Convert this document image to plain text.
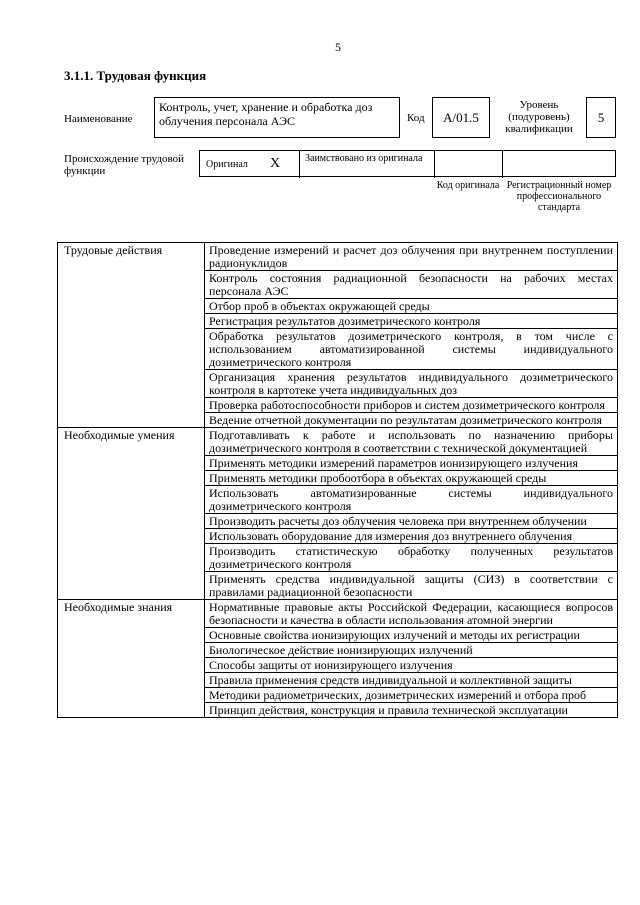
5
3.1.1. Трудовая функция
Наименование
Контроль, учет, хранение и обработка доз облучения персонала АЭС	Код	A/01.5
Уровень (подуровень) квалификации
5
Происхождение трудовой функции
Оригинал X Заимствовано из оригинала
Код оригинала Регистрационный номер профессионального стандарта
Трудовые действия	Проведение измерений и расчет доз облучения при внутреннем поступлении радионуклидов
	Контроль состояния радиационной безопасности на рабочих местах персонала АЭС
	Отбор проб в объектах окружающей среды
	Регистрация результатов дозиметрического контроля
	Обработка результатов дозиметрического контроля, в том числе с использованием автоматизированной системы индивидуального дозиметрического контроля
	Организация хранения результатов индивидуального дозиметрического контроля в картотеке учета индивидуальных доз
	Проверка работоспособности приборов и систем дозиметрического контроля
	Ведение отчетной документации по результатам дозиметрического контроля
Необходимые умения	Подготавливать к работе и использовать по назначению приборы дозиметрического контроля в соответствии с технической документацией
	Применять методики измерений параметров ионизирующего излучения
	Применять методики пробоотбора в объектах окружающей среды
	Использовать автоматизированные системы индивидуального дозиметрического контроля
	Производить расчеты доз облучения человека при внутреннем облучении
	Использовать оборудование для измерения доз внутреннего облучения
	Производить статистическую обработку полученных результатов дозиметрического контроля
	Применять средства индивидуальной защиты (СИЗ) в соответствии с правилами радиационной безопасности
Необходимые знания	Нормативные правовые акты Российской Федерации, касающиеся вопросов безопасности и качества в области использования атомной энергии
	Основные свойства ионизирующих излучений и методы их регистрации
	Биологическое действие ионизирующих излучений
	Способы защиты от ионизирующего излучения
	Правила применения средств индивидуальной и коллективной защиты
	Методики радиометрических, дозиметрических измерений и отбора проб
	Принцип действия, конструкция и правила технической эксплуатации
